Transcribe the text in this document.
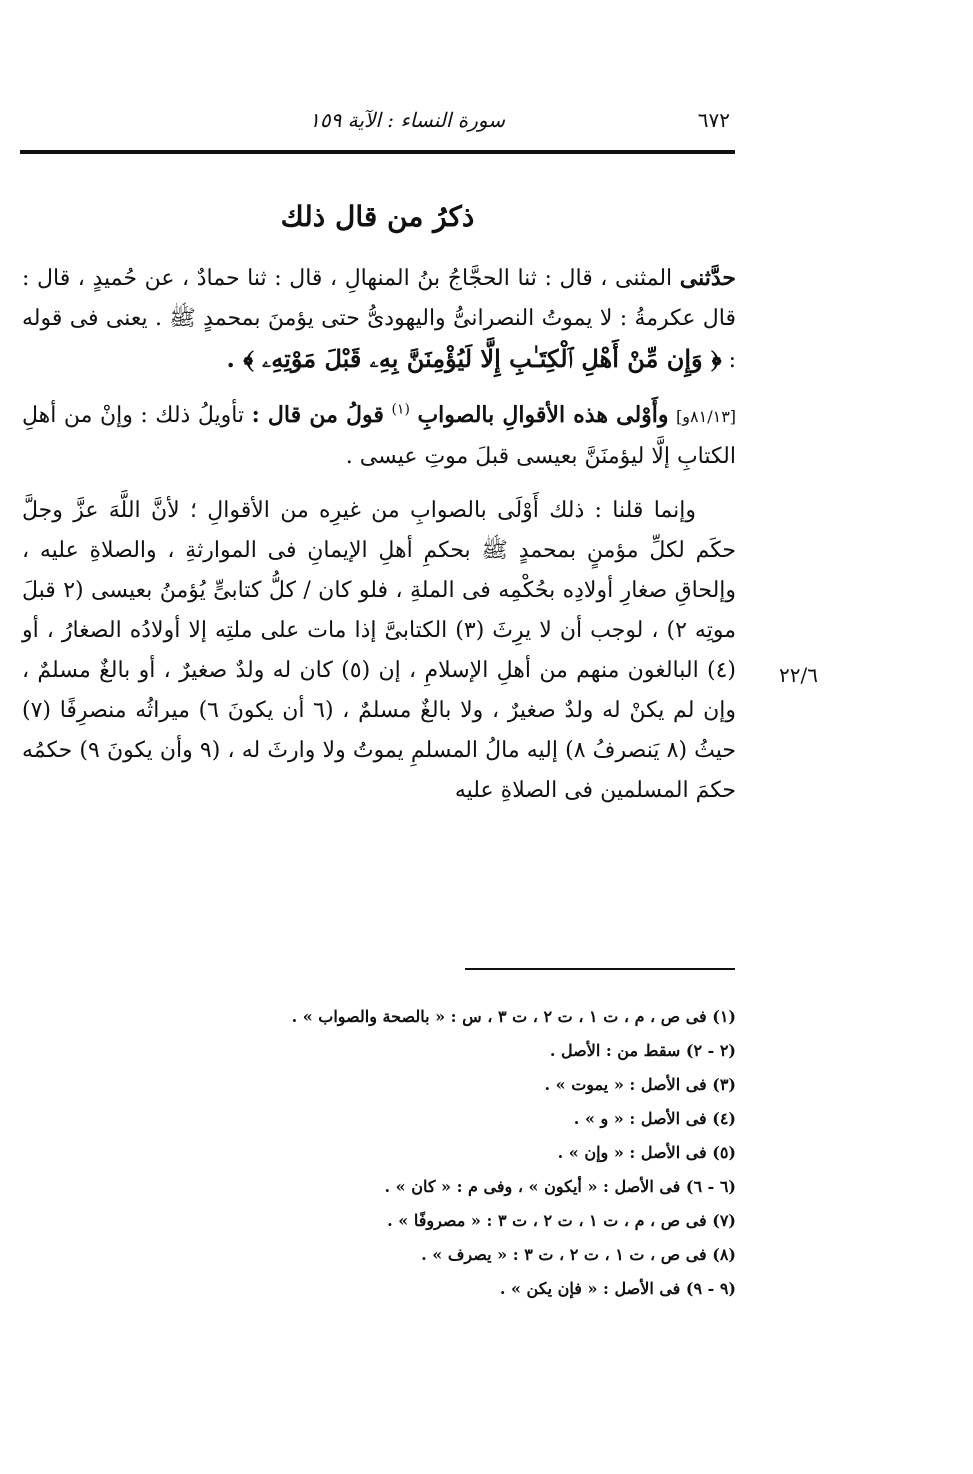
٦٧٢
سورة النساء : الآية ١٥٩
ذكرُ من قال ذلك

حدَّثنى المثنى ، قال : ثنا الحجَّاجُ بنُ المنهالِ ، قال : ثنا حمادٌ ، عن حُميدٍ ، قال : قال عكرمةُ : لا يموتُ النصرانىُّ واليهودىُّ حتى يؤمنَ بمحمدٍ ﷺ . يعنى فى قوله : ﴿ وَإِن مِّنْ أَهْلِ ٱلْكِتَـٰبِ إِلَّا لَيُؤْمِنَنَّ بِهِۦ قَبْلَ مَوْتِهِۦ ﴾ .

[٨١/١٣و] وأَوْلى هذه الأقوالِ بالصوابِ $^{(١)}$ قولُ من قال : تأويلُ ذلك : وإنْ من أهلِ الكتابِ إلَّا ليؤمنَنَّ بعيسى قبلَ موتِ عيسى .

وإنما قلنا : ذلك أَوْلَى بالصوابِ من غيرِه من الأقوالِ ؛ لأنَّ اللَّهَ عزَّ وجلَّ حكَم لكلِّ مؤمنٍ بمحمدٍ ﷺ بحكمِ أهلِ الإيمانِ فى الموارثةِ ، والصلاةِ عليه ، وإلحاقِ صغارِ أولادِه بحُكْمِه فى الملةِ ، فلو كان / كلُّ كتابىٍّ يُؤمنُ بعيسى (٢ قبلَ موتِه ٢) ، لوجب أن لا يرِثَ (٣) الكتابىَّ إذا مات على ملتِه إلا أولادُه الصغارُ ، أو (٤) البالغون منهم من أهلِ الإسلامِ ، إن (٥) كان له ولدٌ صغيرٌ ، أو بالغٌ مسلمٌ ، وإن لم يكنْ له ولدٌ صغيرٌ ، ولا بالغٌ مسلمٌ ، (٦ أن يكونَ ٦) ميراثُه منصرِفًا (٧) حيثُ (٨ يَنصرفُ ٨) إليه مالُ المسلمِ يموتُ ولا وارثَ له ، (٩ وأن يكونَ ٩) حكمُه حكمَ المسلمين فى الصلاةِ عليه

٢٢/٦
(١) فى ص ، م ، ت ١ ، ت ٢ ، ت ٣ ، س : « بالصحة والصواب » .
(٢ - ٢) سقط من : الأصل .
(٣) فى الأصل : « يموت » .
(٤) فى الأصل : « و » .
(٥) فى الأصل : « وإن » .
(٦ - ٦) فى الأصل : « أيكون » ، وفى م : « كان » .
(٧) فى ص ، م ، ت ١ ، ت ٢ ، ت ٣ : « مصروفًا » .
(٨) فى ص ، ت ١ ، ت ٢ ، ت ٣ : « يصرف » .
(٩ - ٩) فى الأصل : « فإن يكن » .
